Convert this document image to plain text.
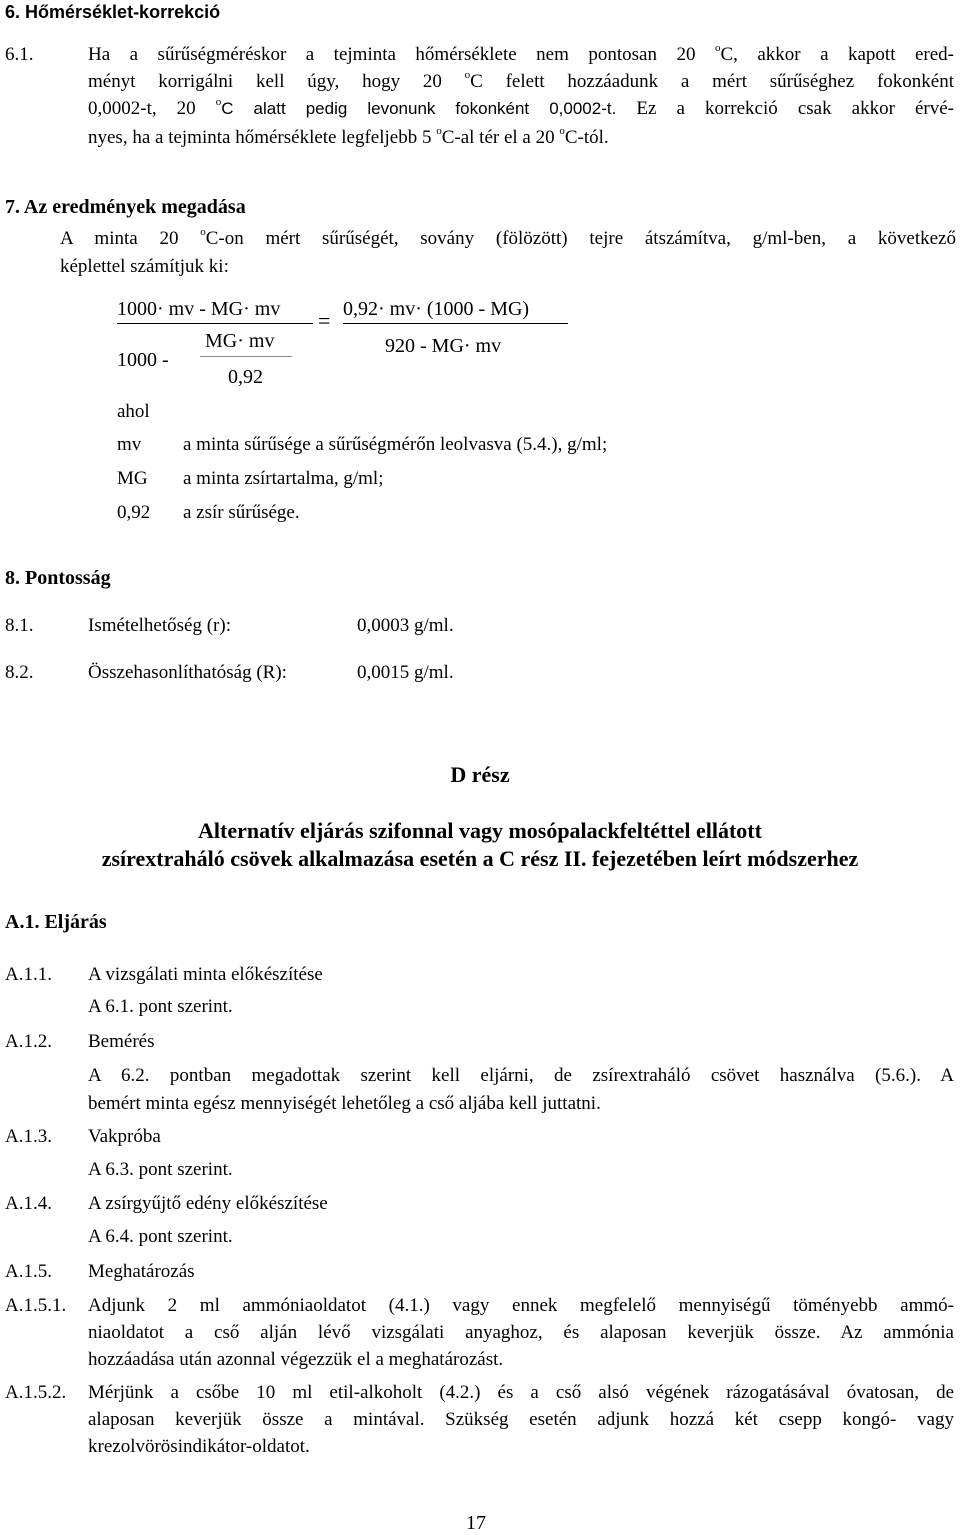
6. Hőmérséklet-korrekció
6.1.	Ha a sűrűségméréskor a tejminta hőmérséklete nem pontosan 20 $^o$C, akkor a kapott ered-
ményt korrigálni kell úgy, hogy 20 $^o$C felett hozzáadunk a mért sűrűséghez fokonként
0,0002-t, 20 $^o$C alatt pedig levonunk fokonként 0,0002-t. Ez a korrekció csak akkor érvé-
nyes, ha a tejminta hőmérséklete legfeljebb 5 $^o$C-al tér el a 20 $^o$C-tól.
7. Az eredmények megadása
A minta 20 $^o$C-on mért sűrűségét, sovány (fölözött) tejre átszámítva, g/ml-ben, a következő
képlettel számítjuk ki:
1000· mv - MG· mv
MG· mv
1000 -
0,92
= 0,92· mv· (1000 - MG)
920 - MG· mv
ahol
mv a minta sűrűsége a sűrűségmérőn leolvasva (5.4.), g/ml;
MG a minta zsírtartalma, g/ml;
0,92 a zsír sűrűsége.
8. Pontosság
8.1.	Ismételhetőség (r):	0,0003 g/ml.
8.2.	Összehasonlíthatóság (R):	0,0015 g/ml.
D rész
Alternatív eljárás szifonnal vagy mosópalackfeltéttel ellátott
zsírextraháló csövek alkalmazása esetén a C rész II. fejezetében leírt módszerhez
A.1. Eljárás
A.1.1. A vizsgálati minta előkészítése
A 6.1. pont szerint.
A.1.2. Bemérés
A 6.2. pontban megadottak szerint kell eljárni, de zsírextraháló csövet használva (5.6.). A
bemért minta egész mennyiségét lehetőleg a cső aljába kell juttatni.
A.1.3. Vakpróba
A 6.3. pont szerint.
A.1.4. A zsírgyűjtő edény előkészítése
A 6.4. pont szerint.
A.1.5. Meghatározás
A.1.5.1. Adjunk 2 ml ammóniaoldatot (4.1.) vagy ennek megfelelő mennyiségű töményebb ammó-
niaoldatot a cső alján lévő vizsgálati anyaghoz, és alaposan keverjük össze. Az ammónia
hozzáadása után azonnal végezzük el a meghatározást.
A.1.5.2. Mérjünk a csőbe 10 ml etil-alkoholt (4.2.) és a cső alsó végének rázogatásával óvatosan, de
alaposan keverjük össze a mintával. Szükség esetén adjunk hozzá két csepp kongó- vagy
krezolvörösindikátor-oldatot.
17
